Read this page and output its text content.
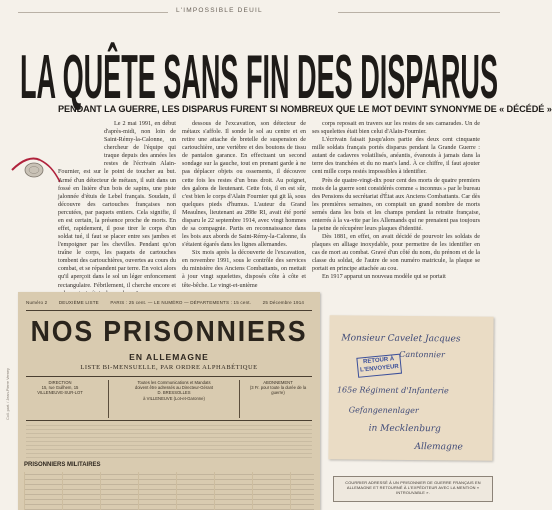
L'IMPOSSIBLE DEUIL
LA QUÊTE SANS FIN DES DISPARUS
PENDANT LA GUERRE, LES DISPARUS FURENT SI NOMBREUX QUE LE MOT DEVINT SYNONYME DE « DÉCÉDÉ »

Le 2 mai 1991, en début d'après-midi, non loin de Saint-Rémy-la-Calonne, un chercheur de l'équipe qui traque depuis des années les restes de l'écrivain Alain-Fournier, est sur le point de toucher au but. Armé d'un détecteur de métaux, il suit dans un fossé en lisière d'un bois de sapins, une piste jalonnée d'étuis de Lebel français. Soudain, il découvre des cartouches françaises non percutées, par paquets entiers. Cela signifie, il en est certain, la présence proche de morts. En effet, rapidement, il pose tirer le corps d'un soldat tué, il faut se placer entre ses jambes et l'empoigner par les chevilles. Pendant qu'on traîne le corps, les paquets de cartouches tombent des cartouchières, ouvertes au cours du combat, et se répandent par terre. En voici alors qu'il aperçoit dans le sol un léger enfoncement rectangulaire. Fébrilement, il cherche encore et

dessous de l'excavation, son détecteur de métaux s'affole. Il sonde le sol au centre et en retire une attache de bretelle de suspension de cartouchière, une vertèbre et des boutons de tissu de pantalon garance. En effectuant un second sondage sur la gauche, tout en prenant garde à ne pas déplacer objets ou ossements, il découvre cette fois les restes d'un bras droit. Au poignet, des galons de lieutenant. Cette fois, il en est sûr, c'est bien le corps d'Alain Fournier qui git là, sous quelques pieds d'humus. L'auteur du Grand Meaulnes, lieutenant au 288e RI, avait été porté disparu le 22 septembre 1914, avec vingt hommes de sa compagnie. Partis en reconnaissance dans les bois aux abords de Saint-Rémy-la-Calonne, ils s'étaient égarés dans les lignes allemandes.

Six mois après la découverte de l'excavation, en novembre 1991, sous le contrôle des services du ministère des Anciens Combattants, on mettait à jour vingt squelettes, disposés côte à côte et tête-bêche. Le vingt-et-unième

corps reposait en travers sur les restes de ses camarades. Un de ses squelettes était bien celui d'Alain-Fournier.

L'écrivain faisait jusqu'alors partie des deux cent cinquante mille soldats français portés disparus pendant la Grande Guerre : autant de cadavres volatilisés, anéantis, évanouis à jamais dans la terre des tranchées et du no man's land. À ce chiffre, il faut ajouter cent mille corps restés impossibles à identifier.

Près de quatre-vingt-dix pour cent des morts de quatre premiers mois de la guerre sont considérés comme « inconnus » par le bureau des Pensions du secrétariat d'État aux Anciens Combattants. Car dès les premières semaines, on comptait un grand nombre de morts semés dans les bois et les champs pendant la retraite française, enterrés à la va-vite par les Allemands qui ne prenaient pas toujours la peine de récupérer leurs plaques d'identité.

Dès 1881, en effet, on avait décidé de pourvoir les soldats de plaques en alliage inoxydable, pour permettre de les identifier en cas de mort au combat. Gravé d'un côté du nom, du prénom et de la classe du soldat, de l'autre de son numéro matricule, la plaque se portait en principe attachée au cou.

En 1917 apparut un nouveau modèle qui se portait

Numéro 2	DEUXIÈME LISTE	PARIS : 25 cent. — LE NUMÉRO — DÉPARTEMENTS : 15 cent.	25 Décembre 1914
NOS PRISONNIERS
EN ALLEMAGNE
LISTE BI-MENSUELLE, PAR ORDRE ALPHABÉTIQUE
DIRECTION
15, rue Guilhem, 15
VILLENEUVE-SUR-LOT
Toutes les Communications et Mandats
doivent être adressés au Directeur-Gérant
D. BRESSOLLES
à VILLENEUVE (Lot-et-Garonne)
ABONNEMENT
(3 Fr. pour toute la durée de la guerre)
PRISONNIERS MILITAIRES
Monsieur Cavelet Jacques
Cantonnier
RETOUR À L'ENVOYEUR
165e Régiment d'Infanterie
Gefangenenlager
in Mecklenburg
Allemagne
COURRIER ADRESSÉ À UN PRISONNIER DE GUERRE FRANÇAIS EN ALLEMAGNE ET RETOURNÉ À L'EXPÉDITEUR AVEC LA MENTION « INTROUVABLE ».
Coll. part. / Jean-Pierre Verney
